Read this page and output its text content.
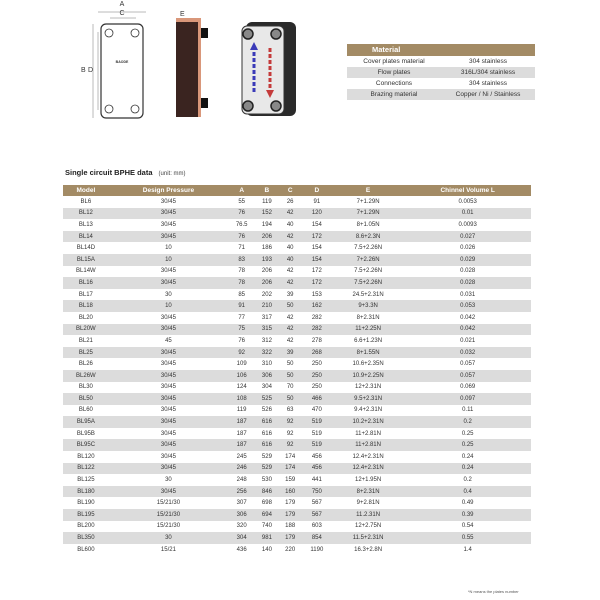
A
C
B D
BAODE
E
Material
Cover plates material	304 stainless
Flow plates	316L/304 stainless
Connections	304 stainless
Brazing material	Copper / Ni / Stainless
Single circuit BPHE data (unit: mm)
Model	Design Pressure	A	B	C	D	E	Chinnel Volume L
BL6	30/45	55	119	26	91	7+1.29N	0.0053
BL12	30/45	76	152	42	120	7+1.29N	0.01
BL13	30/45	76.5	194	40	154	8+1.05N	0.0093
BL14	30/45	76	206	42	172	8.6+2.3N	0.027
BL14D	10	71	186	40	154	7.5+2.26N	0.026
BL15A	10	83	193	40	154	7+2.26N	0.029
BL14W	30/45	78	206	42	172	7.5+2.26N	0.028
BL16	30/45	78	206	42	172	7.5+2.26N	0.028
BL17	30	85	202	39	153	24.5+2.31N	0.031
BL18	10	91	210	50	162	9+3.3N	0.053
BL20	30/45	77	317	42	282	8+2.31N	0.042
BL20W	30/45	75	315	42	282	11+2.25N	0.042
BL21	45	76	312	42	278	6.6+1.23N	0.021
BL25	30/45	92	322	39	268	8+1.55N	0.032
BL26	30/45	109	310	50	250	10.6+2.35N	0.057
BL26W	30/45	106	306	50	250	10.9+2.25N	0.057
BL30	30/45	124	304	70	250	12+2.31N	0.069
BL50	30/45	108	525	50	466	9.5+2.31N	0.097
BL60	30/45	119	526	63	470	9.4+2.31N	0.11
BL95A	30/45	187	616	92	519	10.2+2.31N	0.2
BL95B	30/45	187	616	92	519	11+2.81N	0.25
BL95C	30/45	187	616	92	519	11+2.81N	0.25
BL120	30/45	245	529	174	456	12.4+2.31N	0.24
BL122	30/45	246	529	174	456	12.4+2.31N	0.24
BL125	30	248	530	159	441	12+1.95N	0.2
BL180	30/45	256	846	160	750	8+2.31N	0.4
BL190	15/21/30	307	698	179	567	9+2.81N	0.49
BL195	15/21/30	306	694	179	567	11.2.31N	0.39
BL200	15/21/30	320	740	188	603	12+2.75N	0.54
BL350	30	304	981	179	854	11.5+2.31N	0.55
BL600	15/21	436	140	220	1190	16.3+2.8N	1.4
*N means the plates number
